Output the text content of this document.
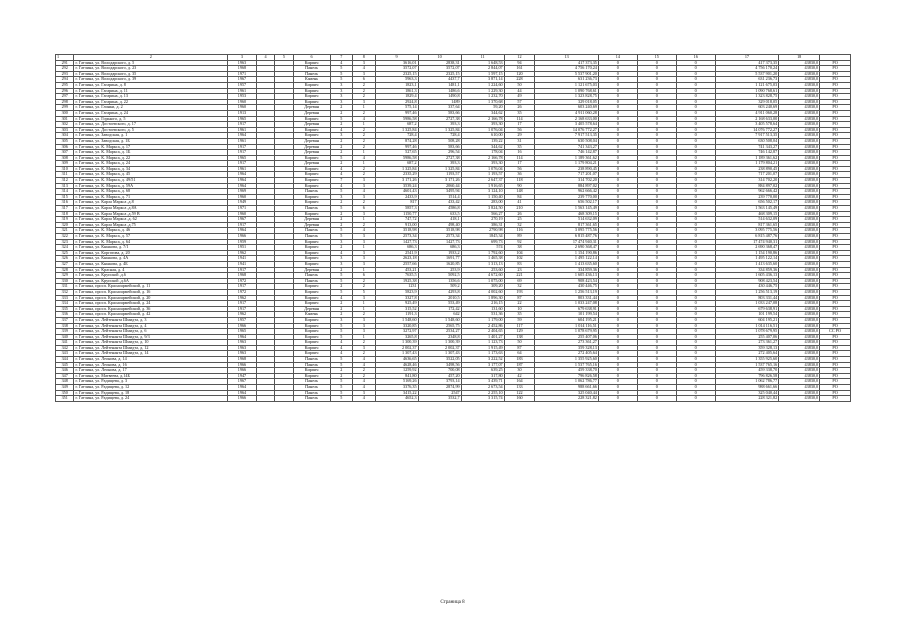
1	2	3	4	5	6	7	8	9	10	11	12	13	14	15	16	17	18	
291	г. Гатчина, ул. Володарского, д. 5	1963			Кирпич	4	3	3616,01	2838,31	1 648,53	94	417 373,35	0	0	0	417 373,35	43830,0	РО
292	г. Гатчина, ул. Володарского, д. 23	1968			Панель	5	4	3572,07	3572,07	2 844,07	161	4 756 170,24	0	0	0	4 756 170,24	43830,0	РО
293	г. Гатчина, ул. Володарского, д. 35	1971			Панель	5	3	2325,15	2325,15	1 597,15	120	5 537 901,20	0	0	0	5 537 901,20	43830,0	РО
294	г. Гатчина, ул. Володарского, д. 39	1967			Камень	5	6	5963,3	4437,7	3 871,14	228	631 236,73	0	0	0	631 236,73	43830,0	РО
295	г. Гатчина, ул. Гагарина, д. 8	1957			Кирпич	3	2	1823,1	1481,1	1 224,60	50	1 121 675,03	0	0	0	1 121 675,03	43830,0	РО
296	г. Гатчина, ул. Гагарина, д. 11	1961			Кирпич	3	2	1861,3	1486,6	1 229,30	44	1 090 768,61	0	0	0	1 090 768,61	43830,0	РО
297	г. Гатчина, ул. Гагарина, д. 13	1953			Кирпич	3	2	1829,4	1490,8	1 232,70	49	1 323 828,75	0	0	0	1 323 828,75	43830,0	РО
298	г. Гатчина, ул. Гагарина, д. 22	1960			Кирпич	3	3	2924,8	1489	1 370,68	57	329 018,05	0	0	0	329 018,05	43830,0	РО
299	г. Гатчина, ул. Глинки, д. 2	1960			Деревян	2	1	575,14	337,64	59,20	26	603 240,69	0	0	0	603 240,69	43830,0	РО
300	г. Гатчина, ул. Гагарина, д. 24	1913			Деревян	2	2	997,46	583,66	344,62	35	4 911 060,28	0	0	0	4 911 060,28	43830,0	РО
301	г. Гатчина, ул. Горького, д. 5	1965			Кирпич	5	4	5986,58	2727,38	2 166,78	114	2 168 633,00	0	0	0	2 168 633,00	43830,0	РО
302	г. Гатчина, ул. Достоевского, д. 17	1917			Деревян	2	1	687,2	393,3	393,30	17	3 405 578,64	0	0	0	3 405 578,64	43830,0	РО
303	г. Гатчина, ул. Достоевского, д. 5	1961			Кирпич	4	2	1 325,84	1 325,84	1 076,04	56	14 076 772,27	0	0	0	14 076 772,27	43830,0	РО
304	г. Гатчина, ул. Заводская, д. 1	1964			Кирпич	3	2	728,4	728,4	610,00	29	7 917 513,35	0	0	0	7 917 513,35	43830,0	РО
305	г. Гатчина, ул. Заводская, д. 1Б	1961			Деревян	2	2	874,28	508,28	139,22	31	630 508,04	0	0	0	630 508,04	43830,0	РО
306	г. Гатчина, ул. К. Маркса, д. 17	1917			Деревян	2	2	997,46	583,66	344,62	35	741 343,27	0	0	0	741 343,27	43830,0	РО
307	г. Гатчина, ул. К. Маркса, д. 1Б	1917			Деревян	2	1	527,65	296,54	178,04	16	746 142,87	0	0	0	746 142,87	43830,0	РО
308	г. Гатчина, ул. К. Маркса, д. 22	1965			Кирпич	5	4	5986,58	2727,38	2 166,78	114	1 189 361,62	0	0	0	1 189 361,62	43830,0	РО
309	г. Гатчина, ул. К. Маркса, д. 24	1917			Деревян	2	1	687,2	393,3	393,30	17	1 179 804,21	0	0	0	1 179 804,21	43830,0	РО
310	г. Гатчина, ул. К. Маркса, д. 34	1961			Кирпич	4	2	1 325,84	1 325,84	1 076,04	56	238 890,45	0	0	0	238 890,45	43830,0	РО
311	г. Гатчина, ул. К. Маркса, д. 45	1964			Кирпич	4	2	2335,29	1193,57	1 193,57	36	717 201,07	0	0	0	717 201,07	43830,0	РО
312	г. Гатчина, ул. К. Маркса, д. 49/51	1964			Кирпич	7	3	3 171,26	3 171,26	2 647,37	118	314 702,20	0	0	0	314 702,20	43830,0	РО
313	г. Гатчина, ул. К. Маркса, д. 59А	1964			Кирпич	4	3	3539,24	2060,44	1 916,65	90	884 897,02	0	0	0	884 897,02	43830,0	РО
314	г. Гатчина, ул. К. Маркса, д. 68	1969			Панель	5	4	4601,43	3495,94	3 124,10	148	962 666,42	0	0	0	962 666,42	43830,0	РО
315	г. Гатчина, ул. К. Маркса, д. 71	1960			Кирпич	3	3	2433,9	1514,4	1 150,40	84	239 770,00	0	0	0	239 770,00	43830,0	РО
316	г. Гатчина, ул. Карла Маркса ,д.8	1949			Кирпич	2	2	817	433,42	283,00	41	656 502,17	0	0	0	656 502,17	43830,0	РО
317	г. Гатчина, ул. Карла Маркса ,д.8А	1971			Панель	5	6	5857,3	4586,8	3 824,50	210	1 563 145,49	0	0	0	1 563 145,49	43830,0	РО
318	г. Гатчина, ул. Карла Маркса ,д.59 В	1960			Кирпич	2	3	1150,77	633,5	566,27	26	468 309,15	0	0	0	468 309,15	43830,0	РО
319	г. Гатчина, ул. Карла Маркса ,д. 62	1967			Деревян	2	1	747,72	418,1	270,19	25	514 632,09	0	0	0	514 632,09	43830,0	РО
320	г. Гатчина, ул. Карла Маркса ,д.75	1917			Деревян	2	2	913,00	498,40	386,31	32	817 361,65	0	0	0	817 361,65	43830,0	РО
321	г. Гатчина, ул. К. Маркса, д. 46	1964			Панель	5	4	3518,98	3518,98	2790,98	116	3 095 775,56	0	0	0	3 095 775,56	43830,0	РО
322	г. Гатчина, ул. К. Маркса, д. 57	1966			Панель	5	3	2573,34	2573,34	1845,34	89	6 815 487,76	0	0	0	6 815 487,76	43830,0	РО
323	г. Гатчина, ул. К. Маркса, д. 64	1959			Кирпич	3	3	1427,73	1427,73	699,73	92	17 474 940,31	0	0	0	17 474 940,31	43830,0	РО
324	г. Гатчина, ул. Кныкова, д. 7/1	1951			Кирпич	2	1	686,3	686,3	574	38	2 690 368,47	0	0	0	2 690 368,47	43830,0	РО
325	г. Гатчина, ул. Коргатова, д. 20	1962			Кирпич	4	3	2541,9	1933,2	1 792,60	104	1 154 190,86	0	0	0	1 154 190,86	43830,0	РО
326	г. Гатчина, ул. Кныкова, д. 4А	1941			Кирпич	3	3	2623,18	1691,77	1 465,38	102	1 495 122,14	0	0	0	1 495 122,14	43830,0	РО
327	г. Гатчина, ул. Кныкова, д. 4Б	1941			Кирпич	3	3	2557,66	1620,85	1 313,13	83	1 413 635,60	0	0	0	1 413 635,60	43830,0	РО
328	г. Гатчина, ул. Красная, д. 4	1917			Деревян	2	1	453,21	253,9	253,60	23	334 859,36	0	0	0	334 859,36	43830,0	РО
329	г. Гатчина, ул. Крупской ,д.6	1968			Панель	5	6	7635,5	5092,5	4 672,60	221	1 605 436,13	0	0	0	1 605 436,13	43830,0	РО
330	г. Гатчина, ул. Крупской ,д.6А	1972			Панель	5	2	1925,38	1356,6	1 075,00	69	908 423,54	0	0	0	908 423,54	43830,0	РО
331	г. Гатчина, просп. Красноармейский, д. 11	1917			Кирпич	2	2	1231	509,2	309,20	32	430 446,75	0	0	0	430 446,75	43830,0	РО
332	г. Гатчина, просп. Красноармейский, д. 16	1972			Кирпич	5	5	5823,9	4293,8	4 002,60	193	1 256 513,19	0	0	0	1 256 513,19	43830,0	РО
333	г. Гатчина, просп. Красноармейский, д. 20	1962			Кирпич	4	3	3327,8	2010,5	1 896,30	87	803 331,44	0	0	0	803 331,44	43830,0	РО
334	г. Гатчина, просп. Красноармейский, д. 24	1917			Кирпич	2	1	925,49	553,49	216,15	22	1 033 247,08	0	0	0	1 033 247,08	43830,0	РО
335	г. Гатчина, просп. Красноармейский, д. 36	1917			Деревян	2	1	315,52	172,42	131,60	10	679 638,91	0	0	0	679 638,91	43830,0	РО
336	г. Гатчина, просп. Красноармейский, д. 42	1962			Камень	2	2	1191,3	642	531,36	35	101 199,54	0	0	0	101 199,54	43830,0	РО
337	г. Гатчина, ул. Лейтенанта Шмидта, д. 3	1957			Кирпич	3	3	1 548,60	1 548,60	1 179,00	59	604 195,21	0	0	0	604 195,21	43830,0	РО
338	г. Гатчина, ул. Лейтенанта Шмидта, д. 4	1966			Кирпич	5	3	3320,85	2565,75	2 452,86	117	1 014 116,51	0	0	0	1 014 116,51	43830,0	РО
339	г. Гатчина, ул. Лейтенанта Шмидта, д. 6	1965			Кирпич	5	3	3272,97	2534,27	2 404,65	129	1 078 679,95	0	0	0	1 078 679,95	43830,0	СС РО
340	г. Гатчина, ул. Лейтенанта Шмидта, д. 9/3	1964			Кирпич	5	1	3265,8	2348,8	1 401,27	138	255 407,06	0	0	0	255 407,06	43830,0	РО
341	г. Гатчина, ул. Лейтенанта Шмидта, д. 10	1963			Кирпич	4	2	1 300,39	1 300,39	1 123,73	50	273 361,27	0	0	0	273 361,27	43830,0	РО
342	г. Гатчина, ул. Лейтенанта Шмидта, д. 12	1963			Кирпич	4	3	2 002,37	2 002,37	1 915,49	87	359 328,13	0	0	0	359 328,13	43830,0	РО
343	г. Гатчина, ул. Лейтенанта Шмидта, д. 14	1963			Кирпич	4	2	1 307,43	1 307,43	1 173,63	64	272 405,64	0	0	0	272 405,64	43830,0	РО
344	г. Гатчина, ул. Леонова, д. 14	1968			Панель	5	4	4636,65	3522,05	3 222,52	183	1 355 925,60	0	0	0	1 355 925,60	43830,0	РО
345	г. Гатчина, ул. Леонова, д. 16	1966			Панель	5	4	4628,46	3498,56	3 177,07	187	1 537 765,16	0	0	0	1 537 765,16	43830,0	РО
346	г. Гатчина, ул. Леонова, д. 17	1966			Кирпич	2	2	1259,92	700,08	639,25	30	459 338,70	0	0	0	459 338,70	43830,0	РО
347	г. Гатчина, ул. Матвеева, д.14Б	1947			Кирпич	2	2	841,80	457,20	317,80	42	796 826,58	0	0	0	796 826,58	43830,0	РО
348	г. Гатчина, ул. Радищева, д. 3	1967			Панель	5	4	5169,26	3793,14	3 439,71	164	1 062 786,77	0	0	0	1 062 786,77	43830,0	РО
349	г. Гатчина, ул. Радищева, д. 12	1964			Панель	5	4	3376,35	2874,99	2 673,54	133	988 661,66	0	0	0	988 661,66	43830,0	РО
350	г. Гатчина, ул. Радищева, д. 18	1964			Панель	5	3	3415,22	2547	2 255,10	122	325 040,44	0	0	0	325 040,44	43830,0	РО
351	г. Гатчина, ул. Радищева, д. 24	1966			Панель	5	4	4652,3	3532,7	3 315,74	160	228 321,82	0	0	0	228 321,82	43830,0	РО
Страница 8
